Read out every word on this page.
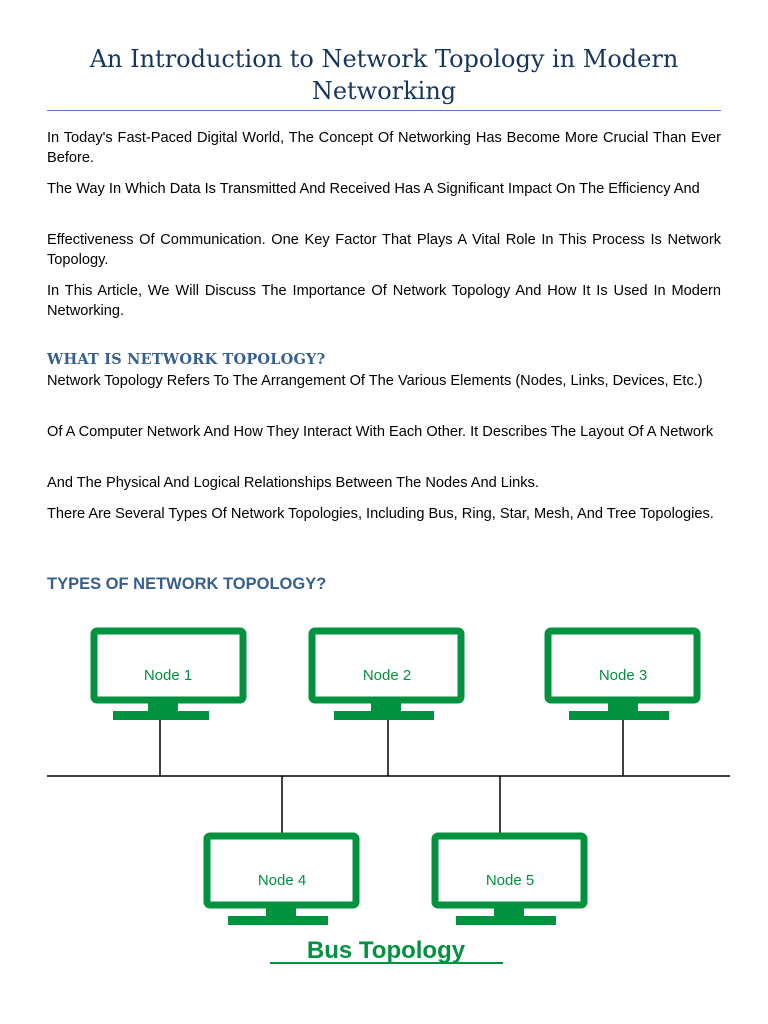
An Introduction to Network Topology in Modern Networking

In Today's Fast-Paced Digital World, The Concept Of Networking Has Become More Crucial Than Ever Before.

The Way In Which Data Is Transmitted And Received Has A Significant Impact On The Efficiency And

Effectiveness Of Communication. One Key Factor That Plays A Vital Role In This Process Is Network Topology.

In This Article, We Will Discuss The Importance Of Network Topology And How It Is Used In Modern Networking.

WHAT IS NETWORK TOPOLOGY?

Network Topology Refers To The Arrangement Of The Various Elements (Nodes, Links, Devices, Etc.)

Of A Computer Network And How They Interact With Each Other. It Describes The Layout Of A Network

And The Physical And Logical Relationships Between The Nodes And Links.

There Are Several Types Of Network Topologies, Including Bus, Ring, Star, Mesh, And Tree Topologies.

TYPES OF NETWORK TOPOLOGY?
Node 1	Node 2	Node 3
Node 4	Node 5
Bus Topology
